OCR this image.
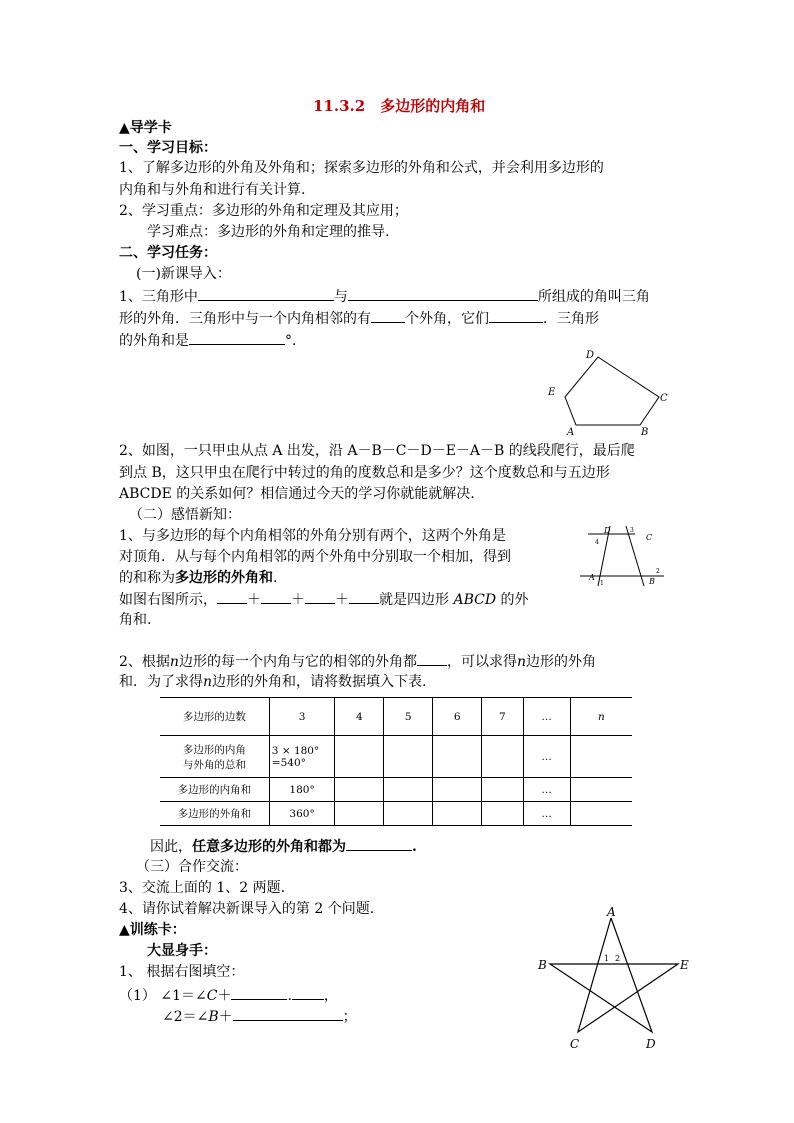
11.3.2　多边形的内角和
▲导学卡
一、学习目标：
1、了解多边形的外角及外角和；探索多边形的外角和公式，并会利用多边形的
内角和与外角和进行有关计算.
2、学习重点：多边形的外角和定理及其应用；
学习难点：多边形的外角和定理的推导.
二、学习任务：
(一)新课导入：
1、三角形中	与	所组成的角叫三角
形的外角．三角形中与一个内角相邻的有 个外角，它们	．三角形
的外角和是	°．
D
C
B
A
E
2、如图，一只甲虫从点 A 出发，沿 A－B－C－D－E－A－B 的线段爬行，最后爬
到点 B，这只甲虫在爬行中转过的角的度数总和是多少？这个度数总和与五边形
ABCDE 的关系如何？相信通过今天的学习你就能就解决.
（二）感悟新知：
1、与多边形的每个内角相邻的外角分别有两个，这两个外角是
对顶角．从与每个内角相邻的两个外角中分别取一个相加，得到
的和称为多边形的外角和.
如图右图所示， ＋ ＋ ＋ 就是四边形 ABCD 的外
角和.
D
C
A	B
1
2
3
4
2、根据n边形的每一个内角与它的相邻的外角都 ，可以求得n边形的外角
和．为了求得n边形的外角和，请将数据填入下表.
多边形的边数	3	4	5	6	7	…	n
多边形的内角
与外角的总和	3 × 180°
=540°					…	
多边形的内角和	180°					…	
多边形的外角和	360°					…	
因此，任意多边形的外角和都为	.
（三）合作交流：
3、交流上面的 1、2 两题.
4、请你试着解决新课导入的第 2 个问题.
▲训练卡：
大显身手：
1、 根据右图填空：
（1） ∠1＝∠C＋	. ，
∠2＝∠B＋	；
A
B	E
C	D
1 2
